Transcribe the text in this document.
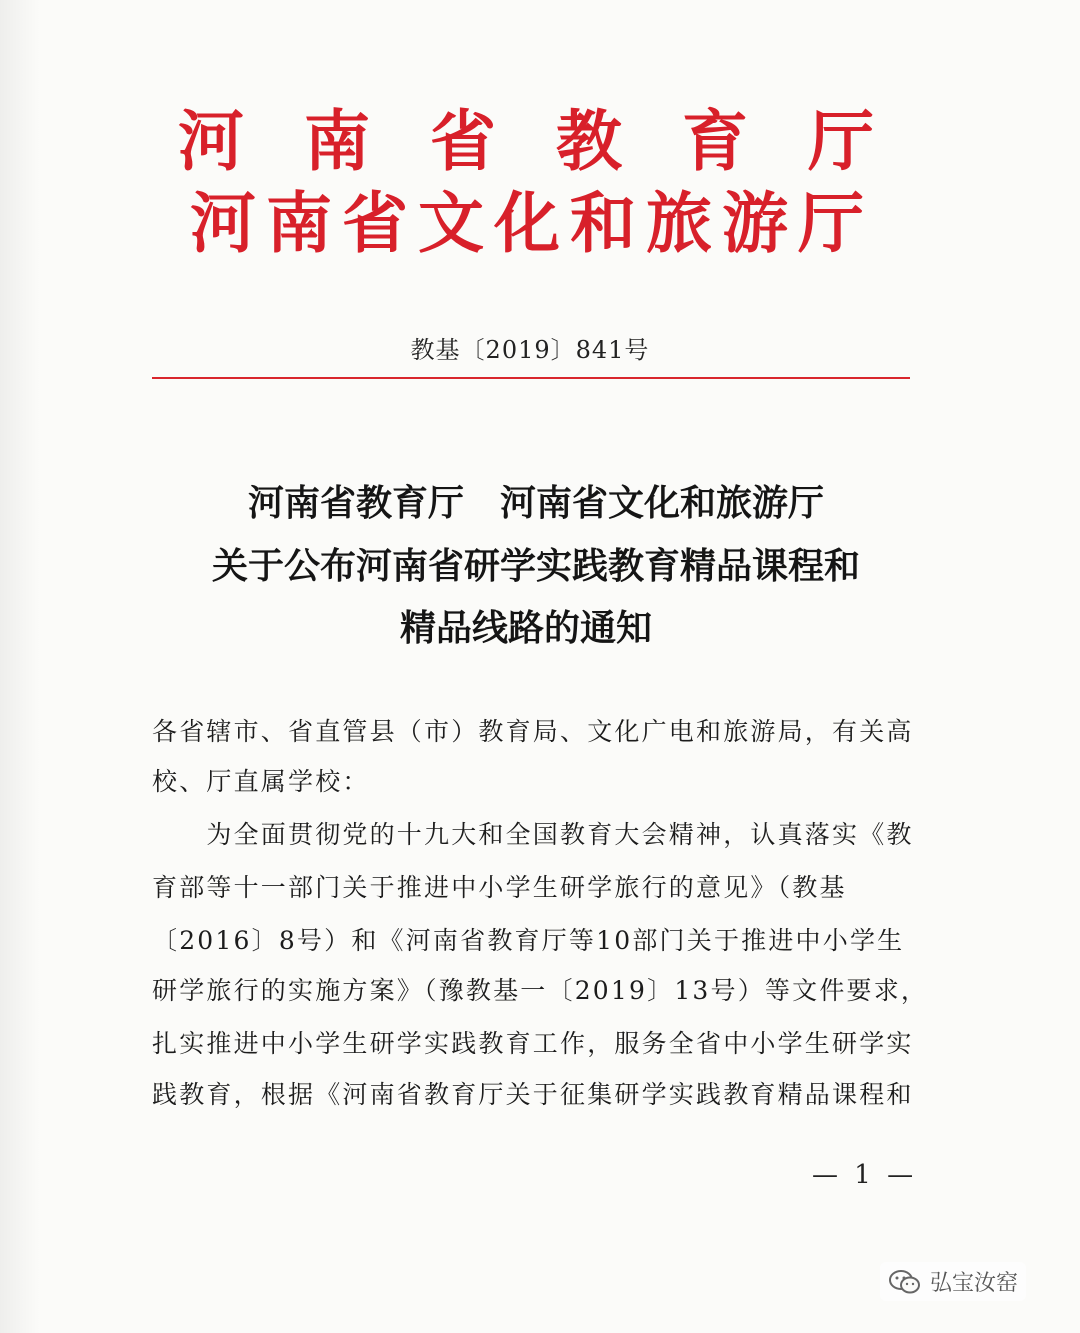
河南省教育厅
河南省文化和旅游厅
教基〔2019〕841号
河南省教育厅　河南省文化和旅游厅
关于公布河南省研学实践教育精品课程和
精品线路的通知
各省辖市、省直管县（市）教育局、文化广电和旅游局，有关高
校、厅直属学校：
　　为全面贯彻党的十九大和全国教育大会精神，认真落实《教
育部等十一部门关于推进中小学生研学旅行的意见》（教基
〔2016〕8号）和《河南省教育厅等10部门关于推进中小学生
研学旅行的实施方案》（豫教基一〔2019〕13号）等文件要求，
扎实推进中小学生研学实践教育工作，服务全省中小学生研学实
践教育，根据《河南省教育厅关于征集研学实践教育精品课程和
— 1 —
弘宝汝窑
